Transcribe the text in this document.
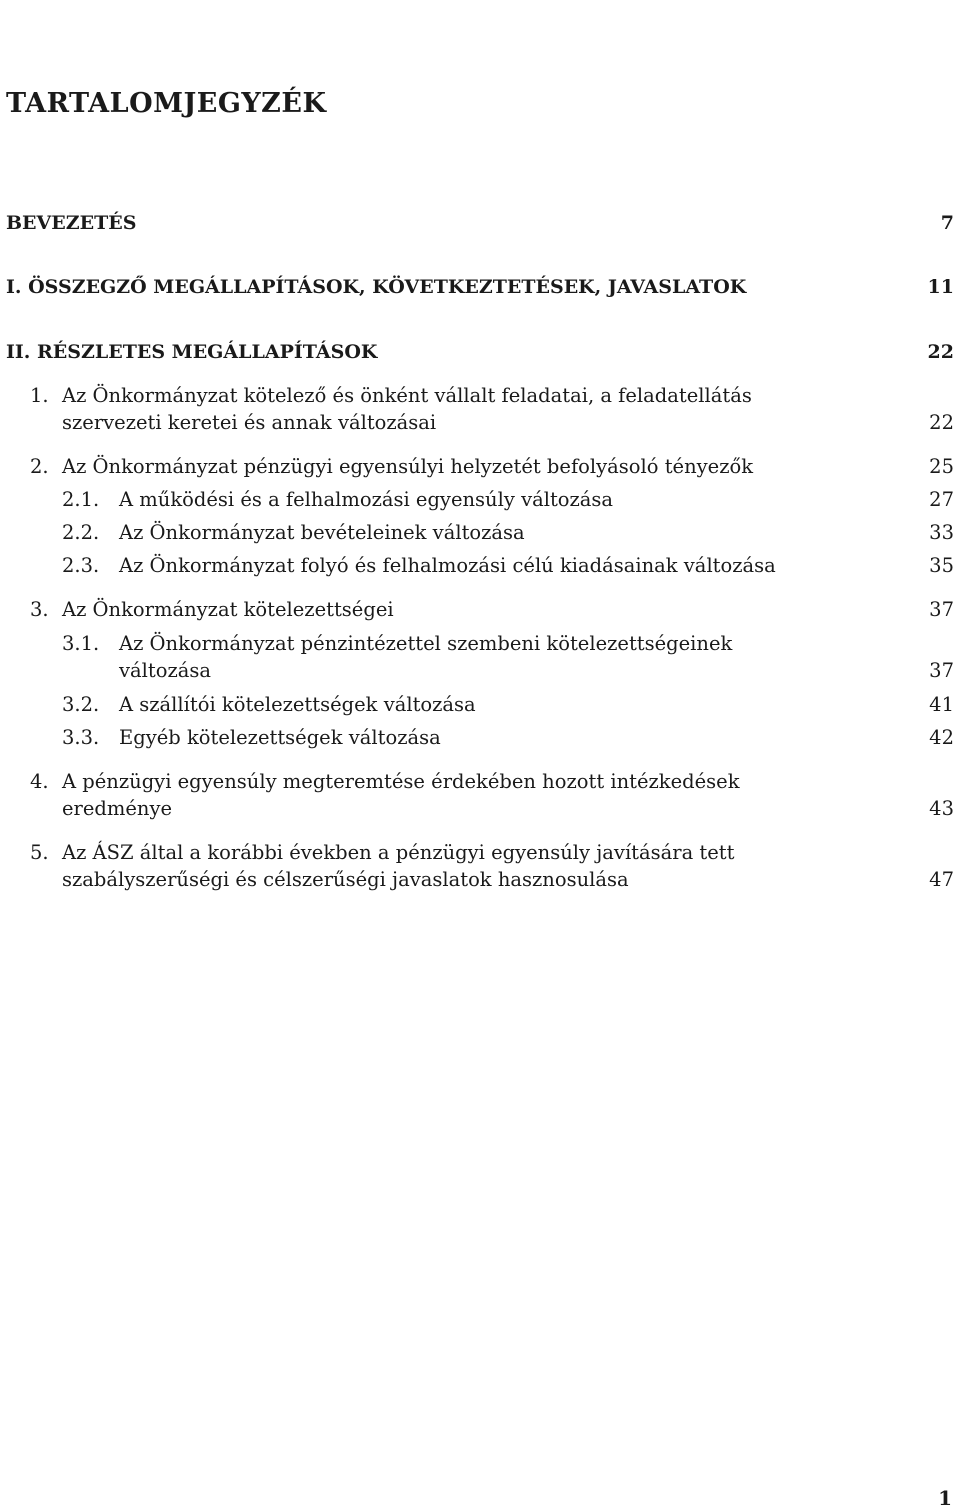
TARTALOMJEGYZÉK
BEVEZETÉS	7
I. ÖSSZEGZŐ MEGÁLLAPÍTÁSOK, KÖVETKEZTETÉSEK, JAVASLATOK	11
II. RÉSZLETES MEGÁLLAPÍTÁSOK	22
1. Az Önkormányzat kötelező és önként vállalt feladatai, a feladatellátás
szervezeti keretei és annak változásai	22
2. Az Önkormányzat pénzügyi egyensúlyi helyzetét befolyásoló tényezők	25
2.1. A működési és a felhalmozási egyensúly változása	27
2.2. Az Önkormányzat bevételeinek változása	33
2.3. Az Önkormányzat folyó és felhalmozási célú kiadásainak változása	35
3. Az Önkormányzat kötelezettségei	37
3.1. Az Önkormányzat pénzintézettel szembeni kötelezettségeinek
változása	37
3.2. A szállítói kötelezettségek változása	41
3.3. Egyéb kötelezettségek változása	42
4. A pénzügyi egyensúly megteremtése érdekében hozott intézkedések
eredménye	43
5. Az ÁSZ által a korábbi években a pénzügyi egyensúly javítására tett
szabályszerűségi és célszerűségi javaslatok hasznosulása	47

1
